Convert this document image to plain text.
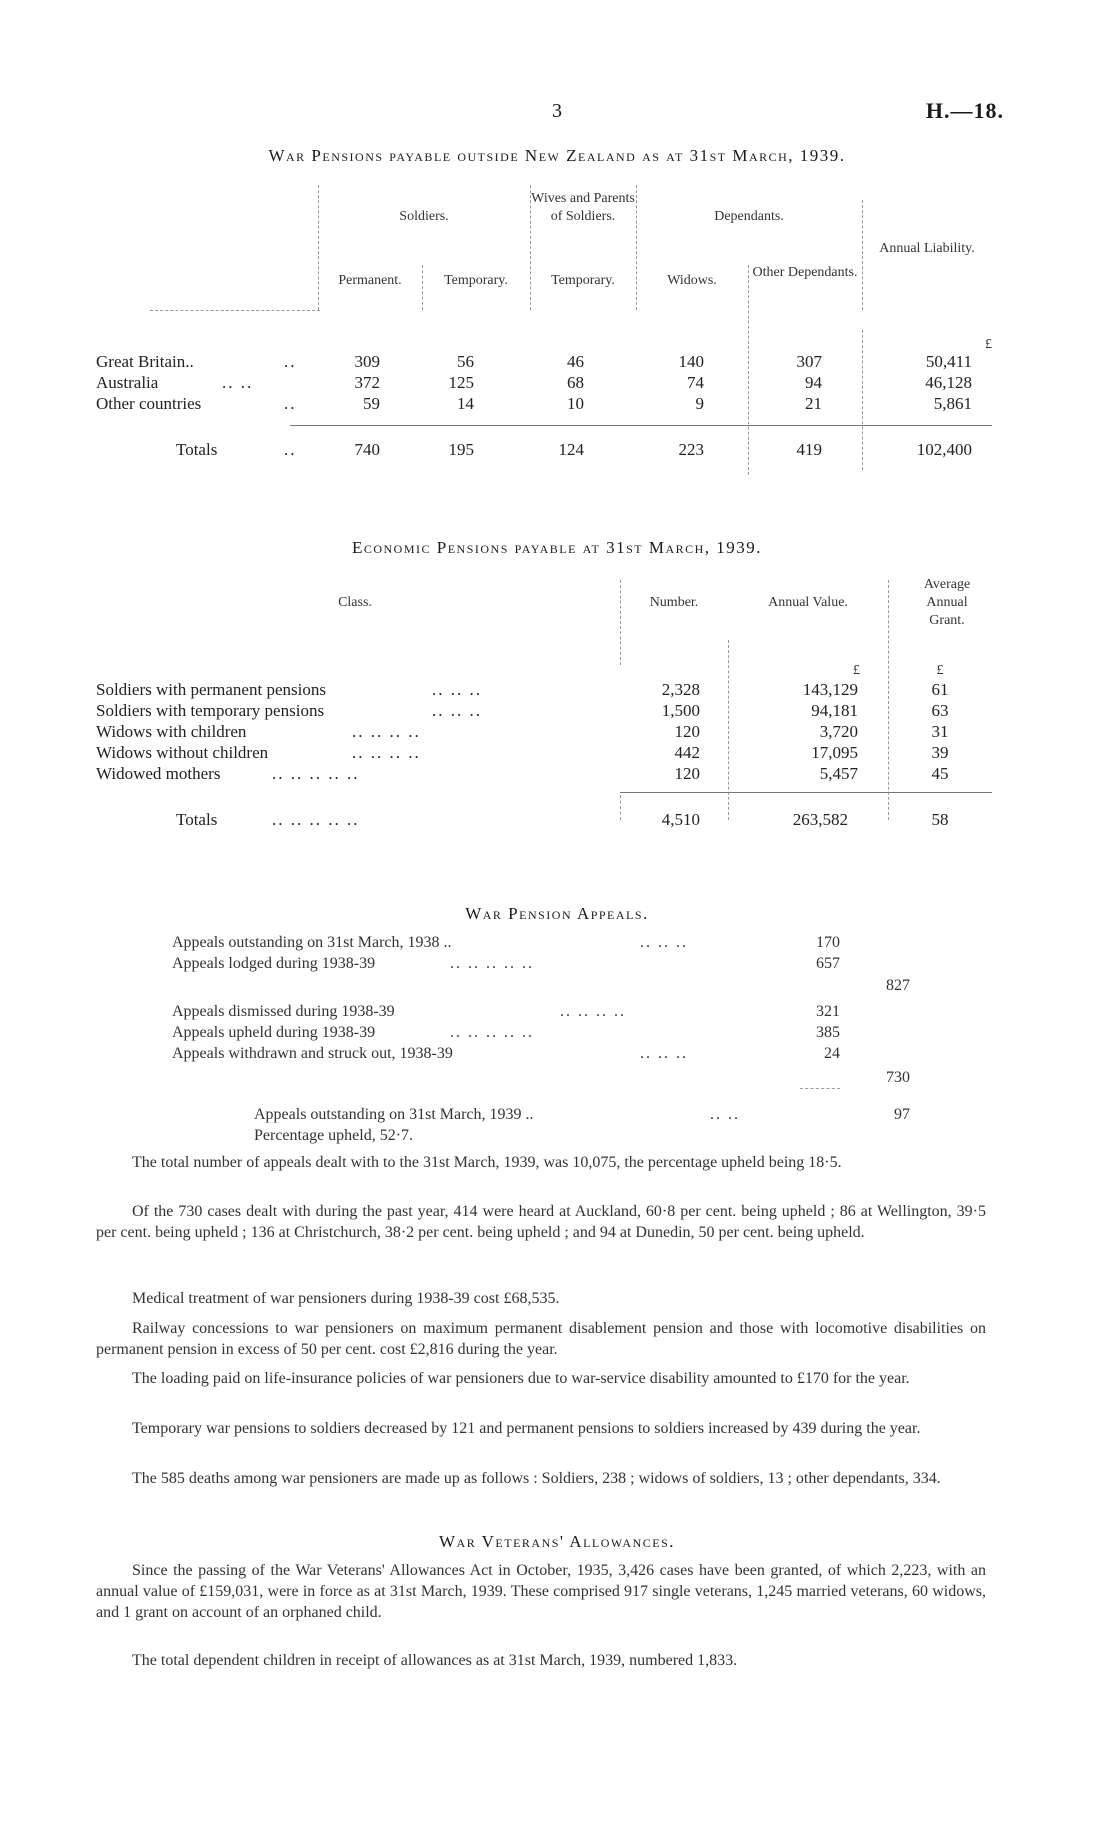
3	H.—18.
War Pensions payable outside New Zealand as at 31st March, 1939.
Soldiers.
Wives and Parents of Soldiers.	Dependants.
Annual Liability.
Permanent.	Temporary.	Temporary.	Widows.
Other Dependants.
£
Great Britain..	..	309	56	46	140	307	50,411
Australia	.. ..	372	125	68	74	94	46,128
Other countries	..	59	14	10	9	21	5,861
Totals	..	740	195	124	223	419	102,400
Economic Pensions payable at 31st March, 1939.
Class.	Number.	Annual Value.
Average Annual Grant.
£	£
Soldiers with permanent pensions	.. .. ..	2,328	143,129	61
Soldiers with temporary pensions	.. .. ..	1,500	94,181	63
Widows with children	.. .. .. ..	120	3,720	31
Widows without children	.. .. .. ..	442	17,095	39
Widowed mothers	.. .. .. .. ..	120	5,457	45
Totals	.. .. .. .. ..	4,510	263,582	58
War Pension Appeals.
Appeals outstanding on 31st March, 1938 ..	.. .. ..	170
Appeals lodged during 1938-39	.. .. .. .. ..	657
827
Appeals dismissed during 1938-39	.. .. .. ..	321
Appeals upheld during 1938-39	.. .. .. .. ..	385
Appeals withdrawn and struck out, 1938-39	.. .. ..	24
730
Appeals outstanding on 31st March, 1939 ..	.. ..	97
Percentage upheld, 52·7.
The total number of appeals dealt with to the 31st March, 1939, was 10,075, the percentage upheld being 18·5.
Of the 730 cases dealt with during the past year, 414 were heard at Auckland, 60·8 per cent. being upheld ; 86 at Wellington, 39·5 per cent. being upheld ; 136 at Christchurch, 38·2 per cent. being upheld ; and 94 at Dunedin, 50 per cent. being upheld.
Medical treatment of war pensioners during 1938-39 cost £68,535.
Railway concessions to war pensioners on maximum permanent disablement pension and those with locomotive disabilities on permanent pension in excess of 50 per cent. cost £2,816 during the year.
The loading paid on life-insurance policies of war pensioners due to war-service disability amounted to £170 for the year.
Temporary war pensions to soldiers decreased by 121 and permanent pensions to soldiers increased by 439 during the year.
The 585 deaths among war pensioners are made up as follows : Soldiers, 238 ; widows of soldiers, 13 ; other dependants, 334.
War Veterans' Allowances.
Since the passing of the War Veterans' Allowances Act in October, 1935, 3,426 cases have been granted, of which 2,223, with an annual value of £159,031, were in force as at 31st March, 1939. These comprised 917 single veterans, 1,245 married veterans, 60 widows, and 1 grant on account of an orphaned child.
The total dependent children in receipt of allowances as at 31st March, 1939, numbered 1,833.
